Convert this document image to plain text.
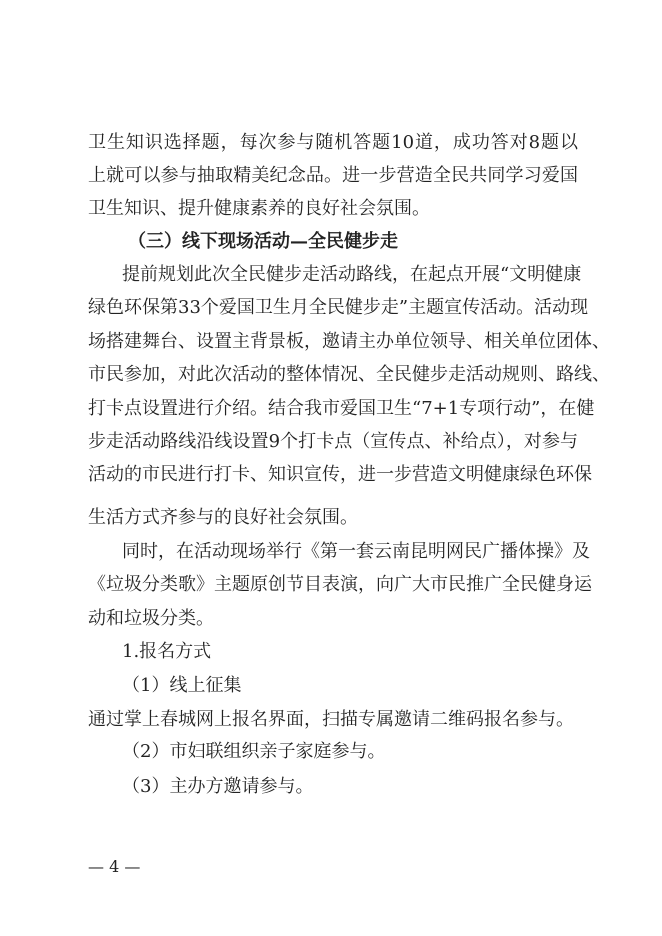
卫生知识选择题，每次参与随机答题10道，成功答对8题以
上就可以参与抽取精美纪念品。进一步营造全民共同学习爱国
卫生知识、提升健康素养的良好社会氛围。
（三）线下现场活动—全民健步走
提前规划此次全民健步走活动路线，在起点开展“文明健康
绿色环保第33个爱国卫生月全民健步走”主题宣传活动。活动现
场搭建舞台、设置主背景板，邀请主办单位领导、相关单位团体、
市民参加，对此次活动的整体情况、全民健步走活动规则、路线、
打卡点设置进行介绍。结合我市爱国卫生“7+1专项行动”，在健
步走活动路线沿线设置9个打卡点（宣传点、补给点），对参与
活动的市民进行打卡、知识宣传，进一步营造文明健康绿色环保
生活方式齐参与的良好社会氛围。
同时，在活动现场举行《第一套云南昆明网民广播体操》及
《垃圾分类歌》主题原创节目表演，向广大市民推广全民健身运
动和垃圾分类。
1.报名方式
（1）线上征集
通过掌上春城网上报名界面，扫描专属邀请二维码报名参与。
（2）市妇联组织亲子家庭参与。
（3）主办方邀请参与。
— 4 —
